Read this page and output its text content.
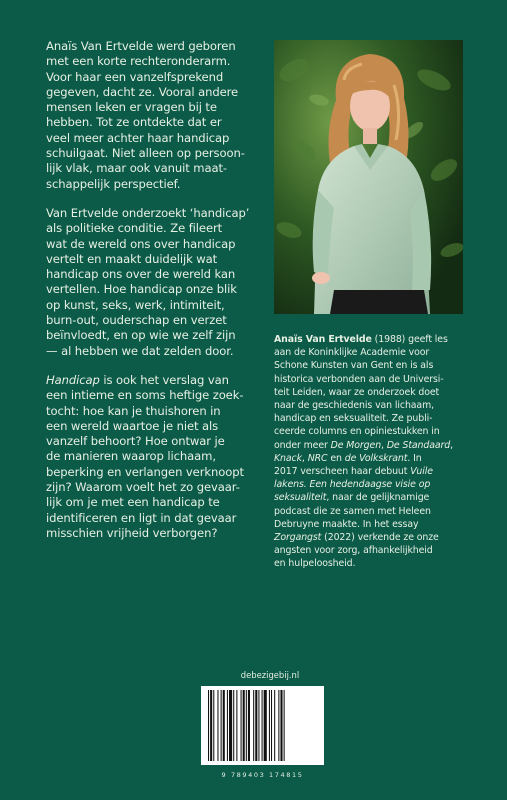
Anaïs Van Ertvelde werd geboren
met een korte rechteronderarm.
Voor haar een vanzelfsprekend
gegeven, dacht ze. Vooral andere
mensen leken er vragen bij te
hebben. Tot ze ontdekte dat er
veel meer achter haar handicap
schuilgaat. Niet alleen op persoon-
lijk vlak, maar ook vanuit maat-
schappelijk perspectief.

Van Ertvelde onderzoekt ‘handicap’
als politieke conditie. Ze fileert
wat de wereld ons over handicap
vertelt en maakt duidelijk wat
handicap ons over de wereld kan
vertellen. Hoe handicap onze blik
op kunst, seks, werk, intimiteit,
burn-out, ouderschap en verzet
beïnvloedt, en op wie we zelf zijn
— al hebben we dat zelden door.

Handicap is ook het verslag van
een intieme en soms heftige zoek-
tocht: hoe kan je thuishoren in
een wereld waartoe je niet als
vanzelf behoort? Hoe ontwar je
de manieren waarop lichaam,
beperking en verlangen verknoopt
zijn? Waarom voelt het zo gevaar-
lijk om je met een handicap te
identificeren en ligt in dat gevaar
misschien vrijheid verborgen?

Anaïs Van Ertvelde (1988) geeft les
aan de Koninklijke Academie voor
Schone Kunsten van Gent en is als
historica verbonden aan de Universi-
teit Leiden, waar ze onderzoek doet
naar de geschiedenis van lichaam,
handicap en seksualiteit. Ze publi-
ceerde columns en opiniestukken in
onder meer De Morgen, De Standaard,
Knack, NRC en de Volkskrant. In
2017 verscheen haar debuut Vuile
lakens. Een hedendaagse visie op
seksualiteit, naar de gelijknamige
podcast die ze samen met Heleen
Debruyne maakte. In het essay
Zorgangst (2022) verkende ze onze
angsten voor zorg, afhankelijkheid
en hulpeloosheid.
debezigebij.nl
9 789403 174815
